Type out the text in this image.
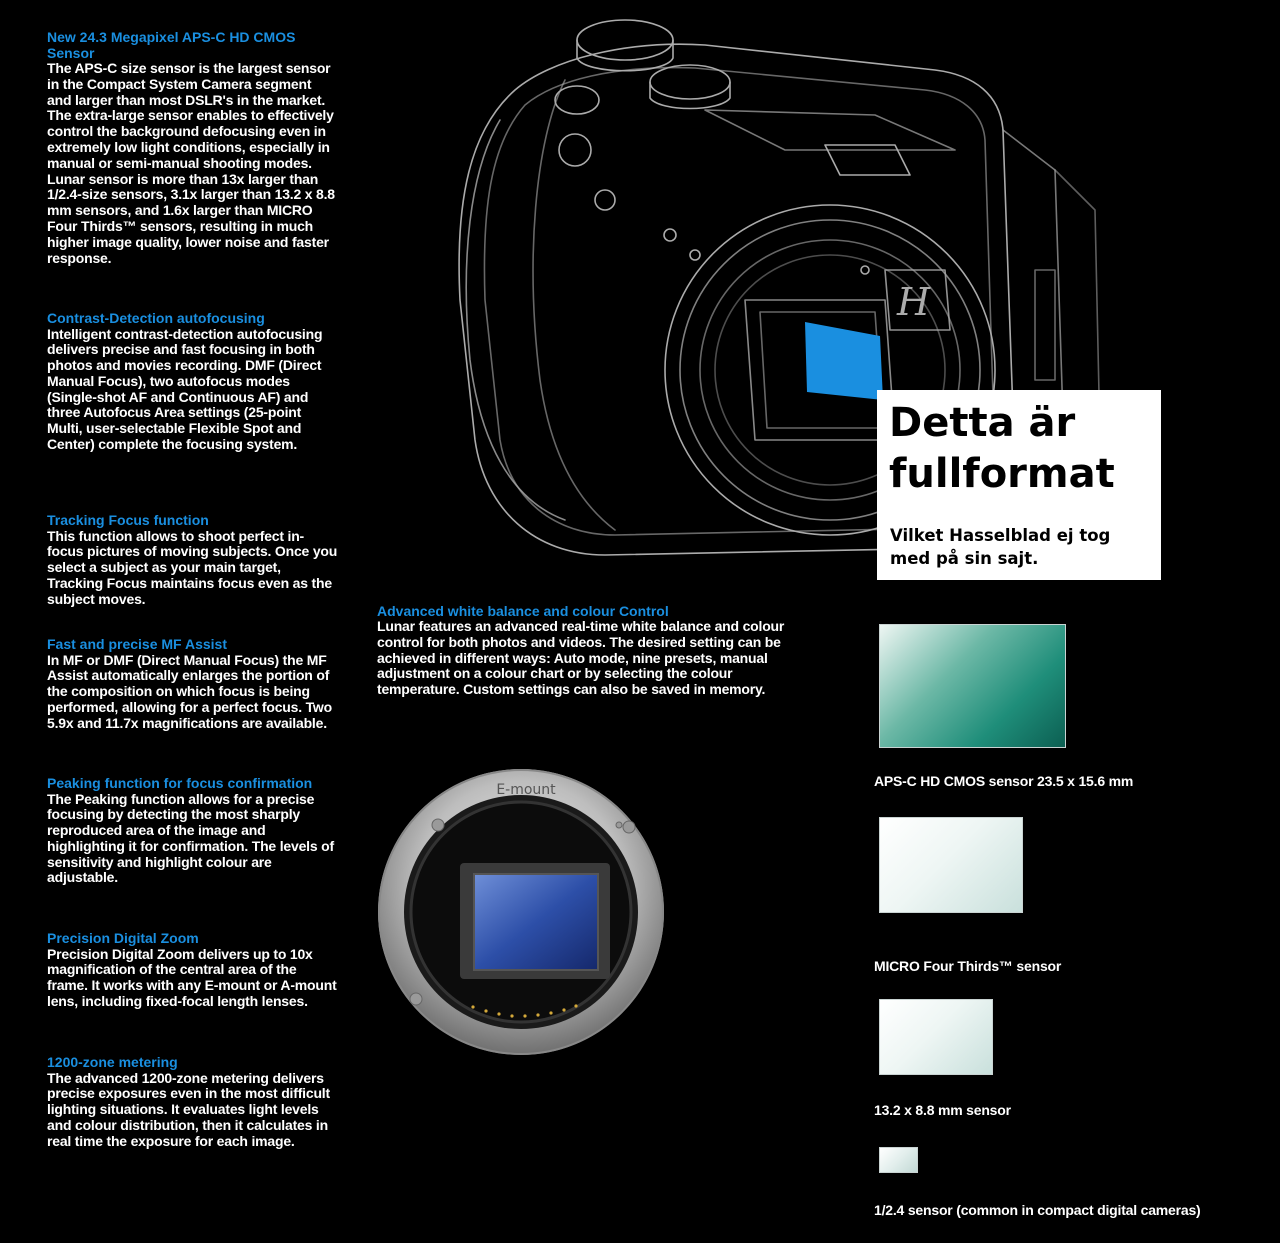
New 24.3 Megapixel APS-C HD CMOS Sensor

The APS-C size sensor is the largest sensor in the Compact System Camera segment and larger than most DSLR's in the market. The extra-large sensor enables to effectively control the background defocusing even in extremely low light conditions, especially in manual or semi-manual shooting modes. Lunar sensor is more than 13x larger than 1/2.4-size sensors, 3.1x larger than 13.2 x 8.8 mm sensors, and 1.6x larger than MICRO Four Thirds™ sensors, resulting in much higher image quality, lower noise and faster response.

Contrast-Detection autofocusing

Intelligent contrast-detection autofocusing delivers precise and fast focusing in both photos and movies recording. DMF (Direct Manual Focus), two autofocus modes (Single-shot AF and Continuous AF) and three Autofocus Area settings (25-point Multi, user-selectable Flexible Spot and Center) complete the focusing system.

Tracking Focus function

This function allows to shoot perfect in-focus pictures of moving subjects. Once you select a subject as your main target, Tracking Focus maintains focus even as the subject moves.

Fast and precise MF Assist

In MF or DMF (Direct Manual Focus) the MF Assist automatically enlarges the portion of the composition on which focus is being performed, allowing for a perfect focus. Two 5.9x and 11.7x magnifications are available.

Peaking function for focus confirmation

The Peaking function allows for a precise focusing by detecting the most sharply reproduced area of the image and highlighting it for confirmation. The levels of sensitivity and highlight colour are adjustable.

Precision Digital Zoom

Precision Digital Zoom delivers up to 10x magnification of the central area of the frame. It works with any E-mount or A-mount lens, including fixed-focal length lenses.

1200-zone metering

The advanced 1200-zone metering delivers precise exposures even in the most difficult lighting situations. It evaluates light levels and colour distribution, then it calculates in real time the exposure for each image.

H

Detta är fullformat

Vilket Hasselblad ej tog med på sin sajt.

Advanced white balance and colour Control

Lunar features an advanced real-time white balance and colour control for both photos and videos. The desired setting can be achieved in different ways: Auto mode, nine presets, manual adjustment on a colour chart or by selecting the colour temperature. Custom settings can also be saved in memory.

E-mount

APS-C HD CMOS sensor 23.5 x 15.6 mm

MICRO Four Thirds™ sensor

13.2 x 8.8 mm sensor

1/2.4 sensor (common in compact digital cameras)
